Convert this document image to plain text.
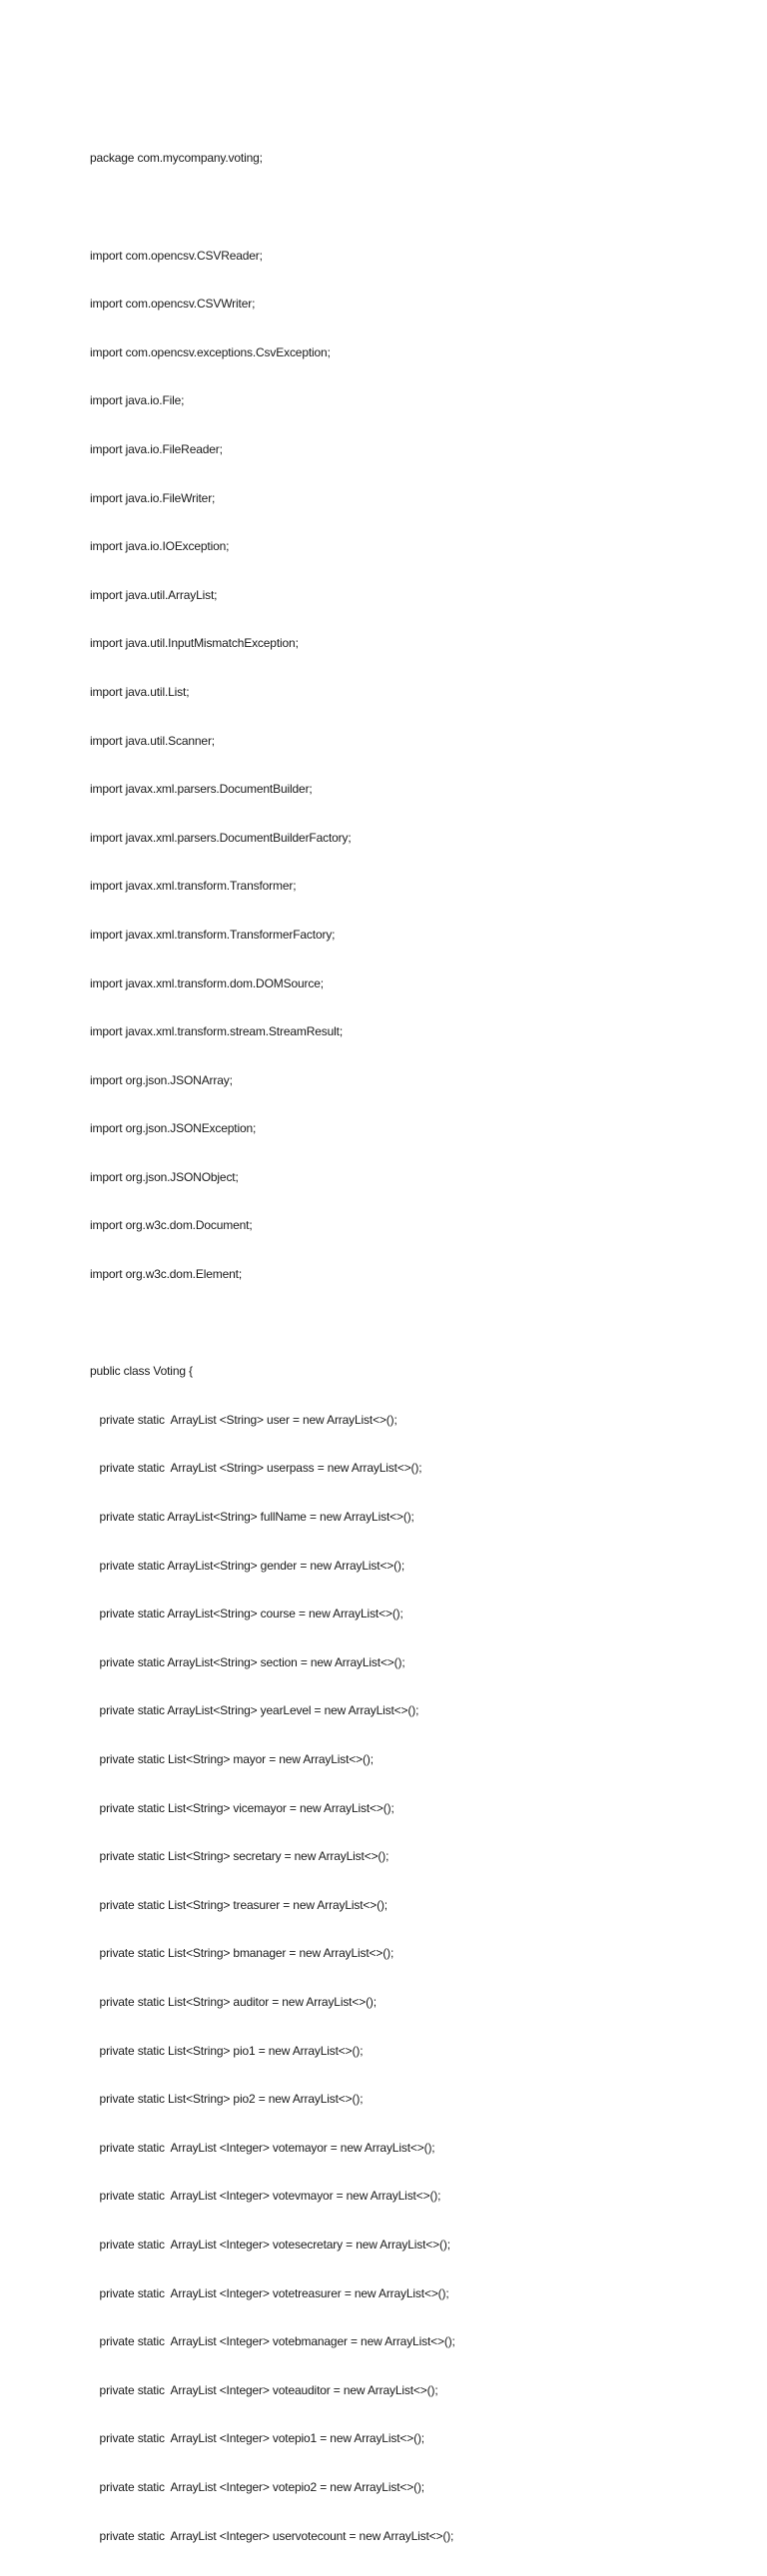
package com.mycompany.voting;

import com.opencsv.CSVReader;

import com.opencsv.CSVWriter;

import com.opencsv.exceptions.CsvException;

import java.io.File;

import java.io.FileReader;

import java.io.FileWriter;

import java.io.IOException;

import java.util.ArrayList;

import java.util.InputMismatchException;

import java.util.List;

import java.util.Scanner;

import javax.xml.parsers.DocumentBuilder;

import javax.xml.parsers.DocumentBuilderFactory;

import javax.xml.transform.Transformer;

import javax.xml.transform.TransformerFactory;

import javax.xml.transform.dom.DOMSource;

import javax.xml.transform.stream.StreamResult;

import org.json.JSONArray;

import org.json.JSONException;

import org.json.JSONObject;

import org.w3c.dom.Document;

import org.w3c.dom.Element;

public class Voting {

private static  ArrayList <String> user = new ArrayList<>();

private static  ArrayList <String> userpass = new ArrayList<>();

private static ArrayList<String> fullName = new ArrayList<>();

private static ArrayList<String> gender = new ArrayList<>();

private static ArrayList<String> course = new ArrayList<>();

private static ArrayList<String> section = new ArrayList<>();

private static ArrayList<String> yearLevel = new ArrayList<>();

private static List<String> mayor = new ArrayList<>();

private static List<String> vicemayor = new ArrayList<>();

private static List<String> secretary = new ArrayList<>();

private static List<String> treasurer = new ArrayList<>();

private static List<String> bmanager = new ArrayList<>();

private static List<String> auditor = new ArrayList<>();

private static List<String> pio1 = new ArrayList<>();

private static List<String> pio2 = new ArrayList<>();

private static  ArrayList <Integer> votemayor = new ArrayList<>();

private static  ArrayList <Integer> votevmayor = new ArrayList<>();

private static  ArrayList <Integer> votesecretary = new ArrayList<>();

private static  ArrayList <Integer> votetreasurer = new ArrayList<>();

private static  ArrayList <Integer> votebmanager = new ArrayList<>();

private static  ArrayList <Integer> voteauditor = new ArrayList<>();

private static  ArrayList <Integer> votepio1 = new ArrayList<>();

private static  ArrayList <Integer> votepio2 = new ArrayList<>();

private static  ArrayList <Integer> uservotecount = new ArrayList<>();
